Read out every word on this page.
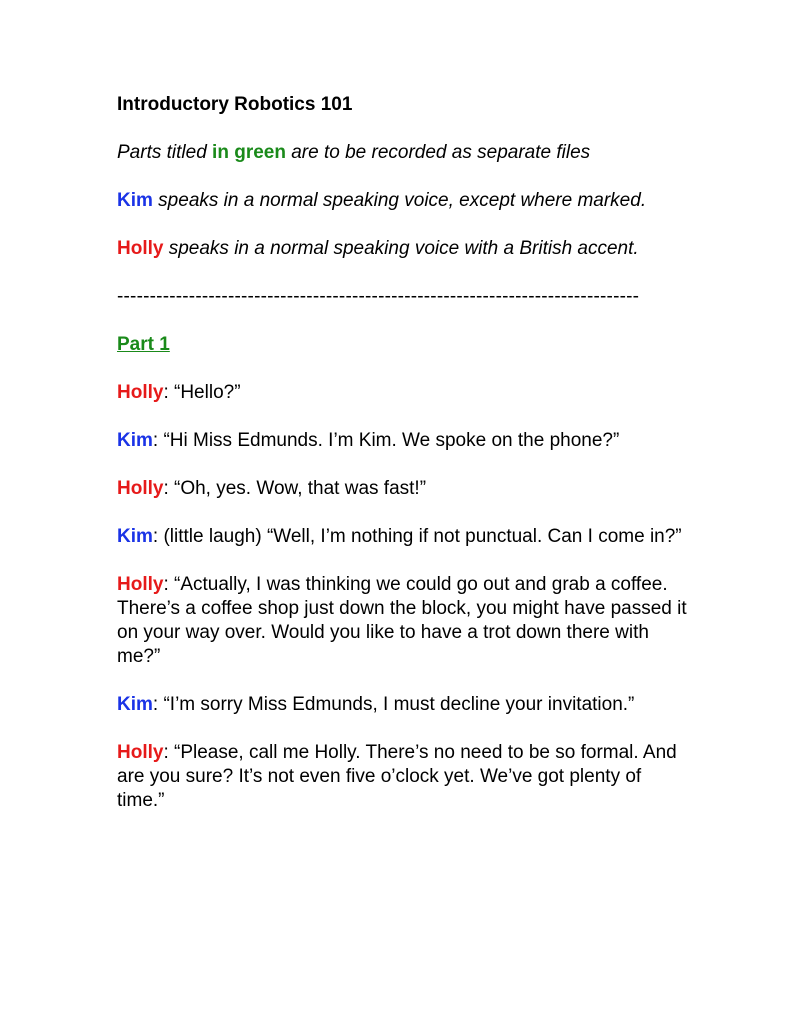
Introductory Robotics 101

Parts titled in green are to be recorded as separate files

Kim speaks in a normal speaking voice, except where marked.

Holly speaks in a normal speaking voice with a British accent.

--------------------------------------------------------------------------------
Part 1
Holly: “Hello?”
Kim: “Hi Miss Edmunds. I’m Kim. We spoke on the phone?”
Holly: “Oh, yes. Wow, that was fast!”
Kim: (little laugh) “Well, I’m nothing if not punctual. Can I come in?”
Holly: “Actually, I was thinking we could go out and grab a coffee. There’s a coffee shop just down the block, you might have passed it on your way over. Would you like to have a trot down there with me?”
Kim: “I’m sorry Miss Edmunds, I must decline your invitation.”
Holly: “Please, call me Holly. There’s no need to be so formal. And are you sure? It’s not even five o’clock yet. We’ve got plenty of time.”
